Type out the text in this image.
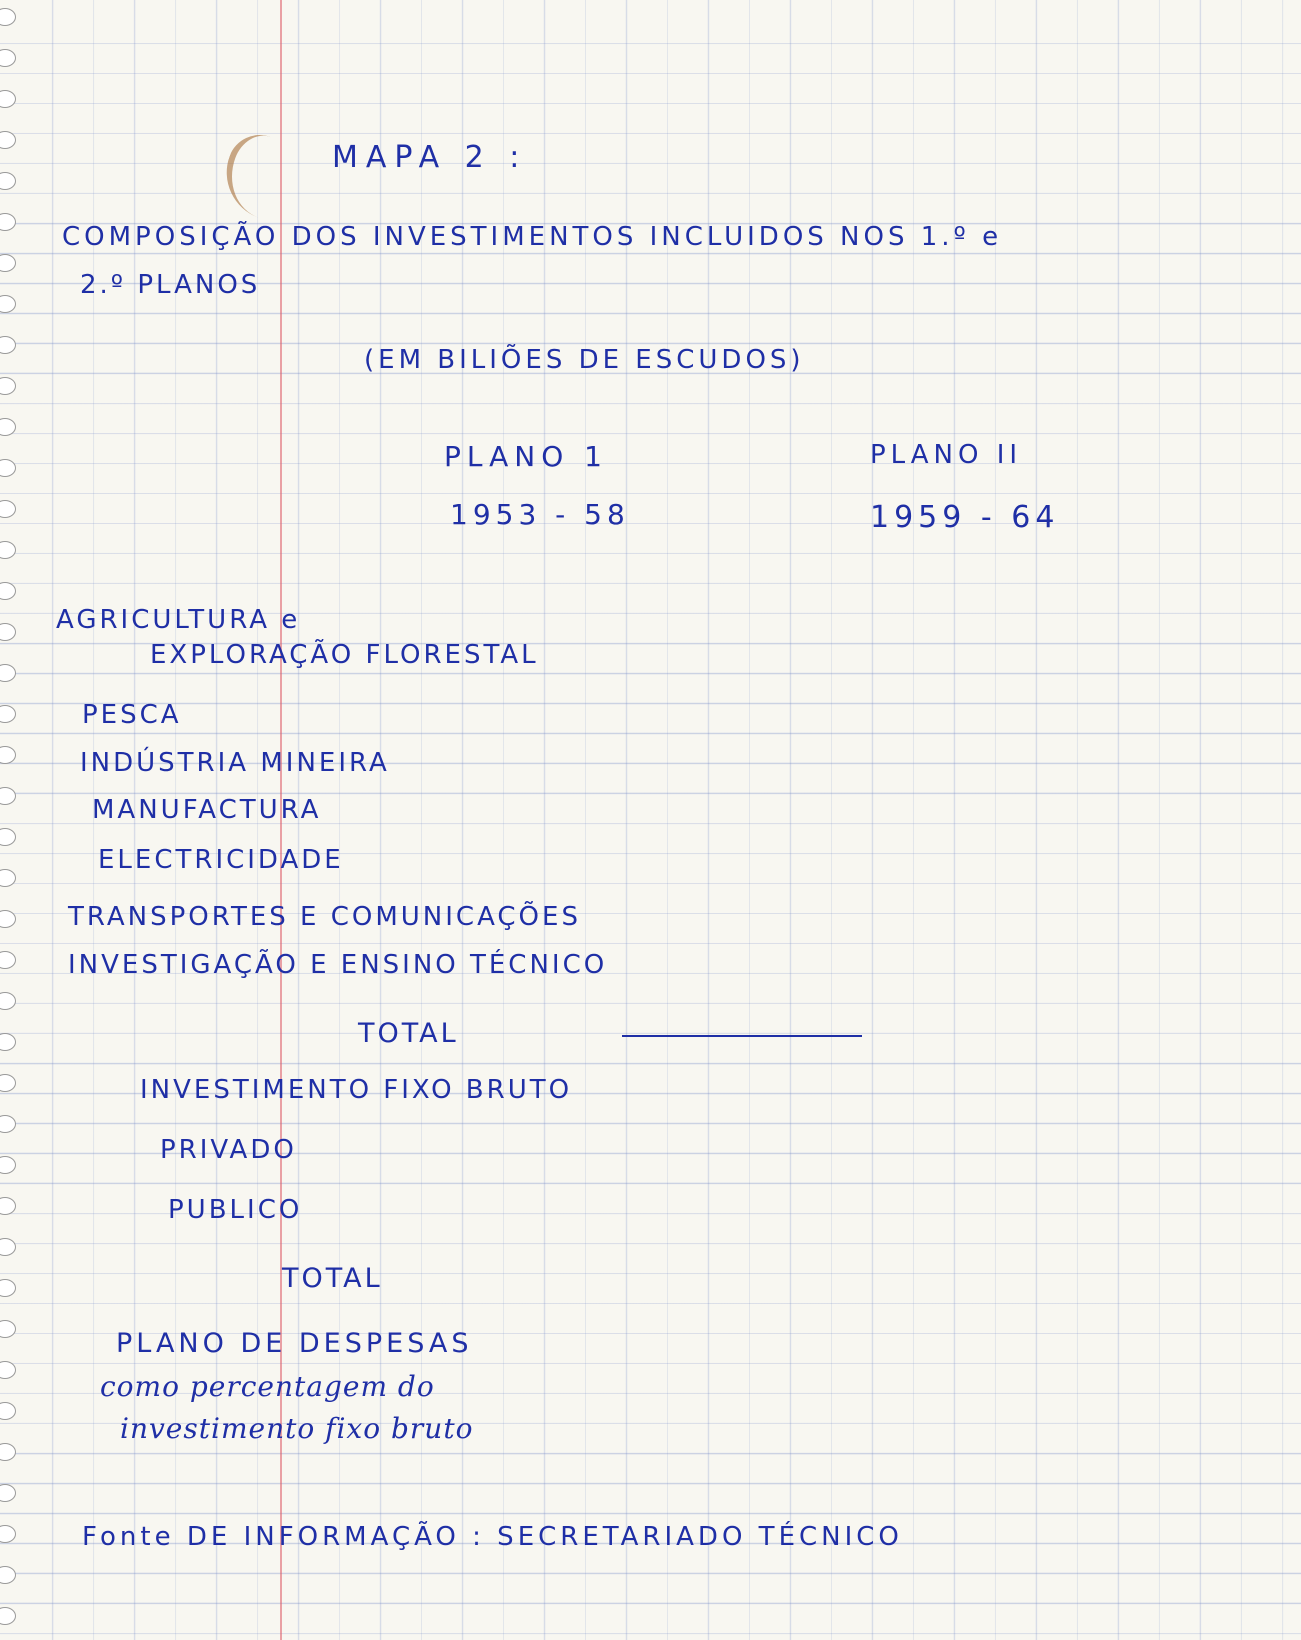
MAPA 2 :
COMPOSIÇÃO DOS INVESTIMENTOS INCLUIDOS NOS 1.º e
2.º PLANOS
(EM BILIÕES DE ESCUDOS)
PLANO 1
1953 - 58
PLANO II
1959 - 64
AGRICULTURA e
EXPLORAÇÃO FLORESTAL
PESCA
INDÚSTRIA MINEIRA
MANUFACTURA
ELECTRICIDADE
TRANSPORTES E COMUNICAÇÕES
INVESTIGAÇÃO E ENSINO TÉCNICO
TOTAL
INVESTIMENTO FIXO BRUTO
PRIVADO
PUBLICO
TOTAL
PLANO DE DESPESAS
como percentagem do
investimento fixo bruto
Fonte DE INFORMAÇÃO : SECRETARIADO TÉCNICO
